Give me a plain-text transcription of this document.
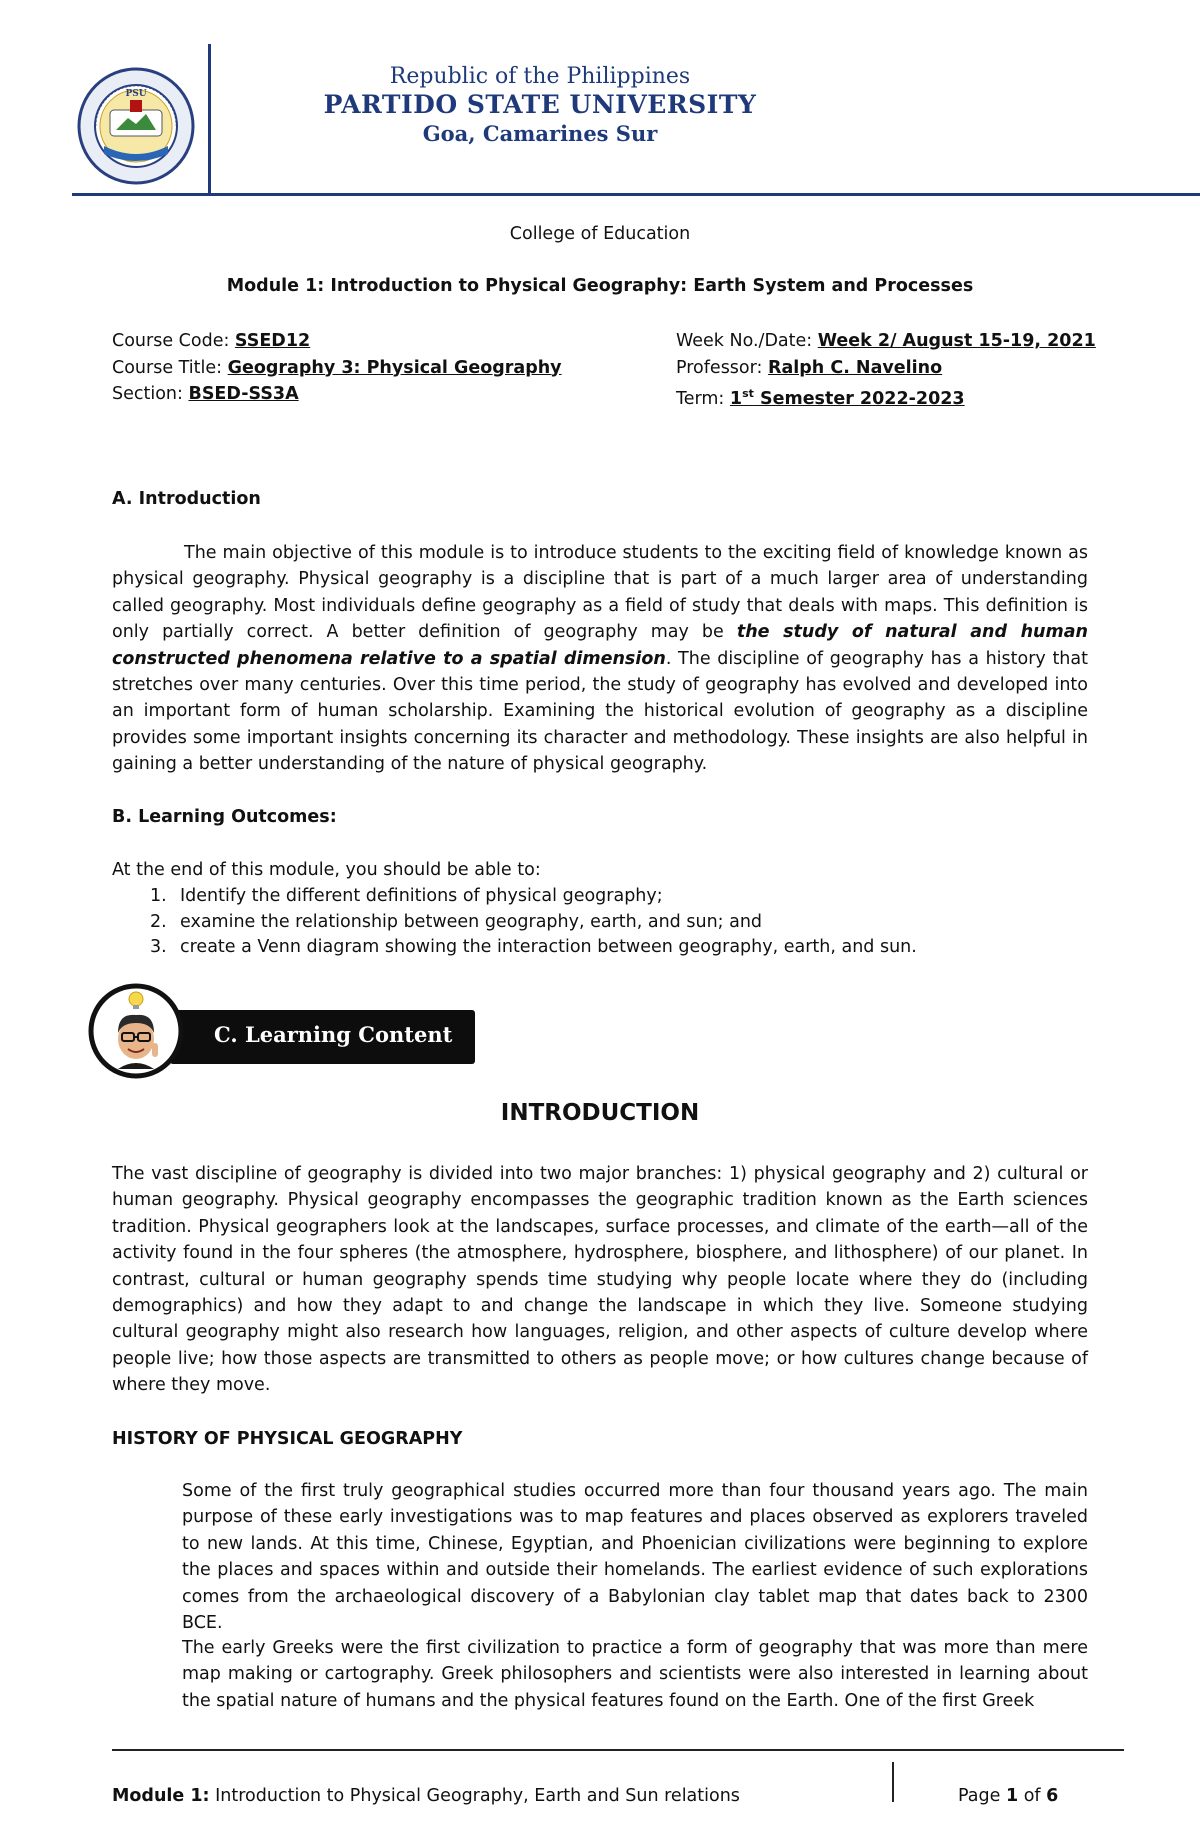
PSU
Republic of the Philippines
PARTIDO STATE UNIVERSITY
Goa, Camarines Sur
College of Education
Module 1: Introduction to Physical Geography: Earth System and Processes
Course Code: SSED12
Course Title: Geography 3: Physical Geography
Section: BSED-SS3A
Week No./Date: Week 2/ August 15-19, 2021
Professor: Ralph C. Navelino
Term: 1st Semester 2022-2023
A. Introduction
The main objective of this module is to introduce students to the exciting field of knowledge known as physical geography. Physical geography is a discipline that is part of a much larger area of understanding called geography. Most individuals define geography as a field of study that deals with maps. This definition is only partially correct. A better definition of geography may be the study of natural and human constructed phenomena relative to a spatial dimension. The discipline of geography has a history that stretches over many centuries. Over this time period, the study of geography has evolved and developed into an important form of human scholarship. Examining the historical evolution of geography as a discipline provides some important insights concerning its character and methodology. These insights are also helpful in gaining a better understanding of the nature of physical geography.
B. Learning Outcomes:
At the end of this module, you should be able to:
1. Identify the different definitions of physical geography;
2. examine the relationship between geography, earth, and sun; and
3. create a Venn diagram showing the interaction between geography, earth, and sun.
C. Learning Content
INTRODUCTION
The vast discipline of geography is divided into two major branches: 1) physical geography and 2) cultural or human geography. Physical geography encompasses the geographic tradition known as the Earth sciences tradition. Physical geographers look at the landscapes, surface processes, and climate of the earth—all of the activity found in the four spheres (the atmosphere, hydrosphere, biosphere, and lithosphere) of our planet. In contrast, cultural or human geography spends time studying why people locate where they do (including demographics) and how they adapt to and change the landscape in which they live. Someone studying cultural geography might also research how languages, religion, and other aspects of culture develop where people live; how those aspects are transmitted to others as people move; or how cultures change because of where they move.
HISTORY OF PHYSICAL GEOGRAPHY
Some of the first truly geographical studies occurred more than four thousand years ago. The main purpose of these early investigations was to map features and places observed as explorers traveled to new lands. At this time, Chinese, Egyptian, and Phoenician civilizations were beginning to explore the places and spaces within and outside their homelands. The earliest evidence of such explorations comes from the archaeological discovery of a Babylonian clay tablet map that dates back to 2300 BCE.
The early Greeks were the first civilization to practice a form of geography that was more than mere map making or cartography. Greek philosophers and scientists were also interested in learning about the spatial nature of humans and the physical features found on the Earth. One of the first Greek
Module 1: Introduction to Physical Geography, Earth and Sun relations	Page 1 of 6
